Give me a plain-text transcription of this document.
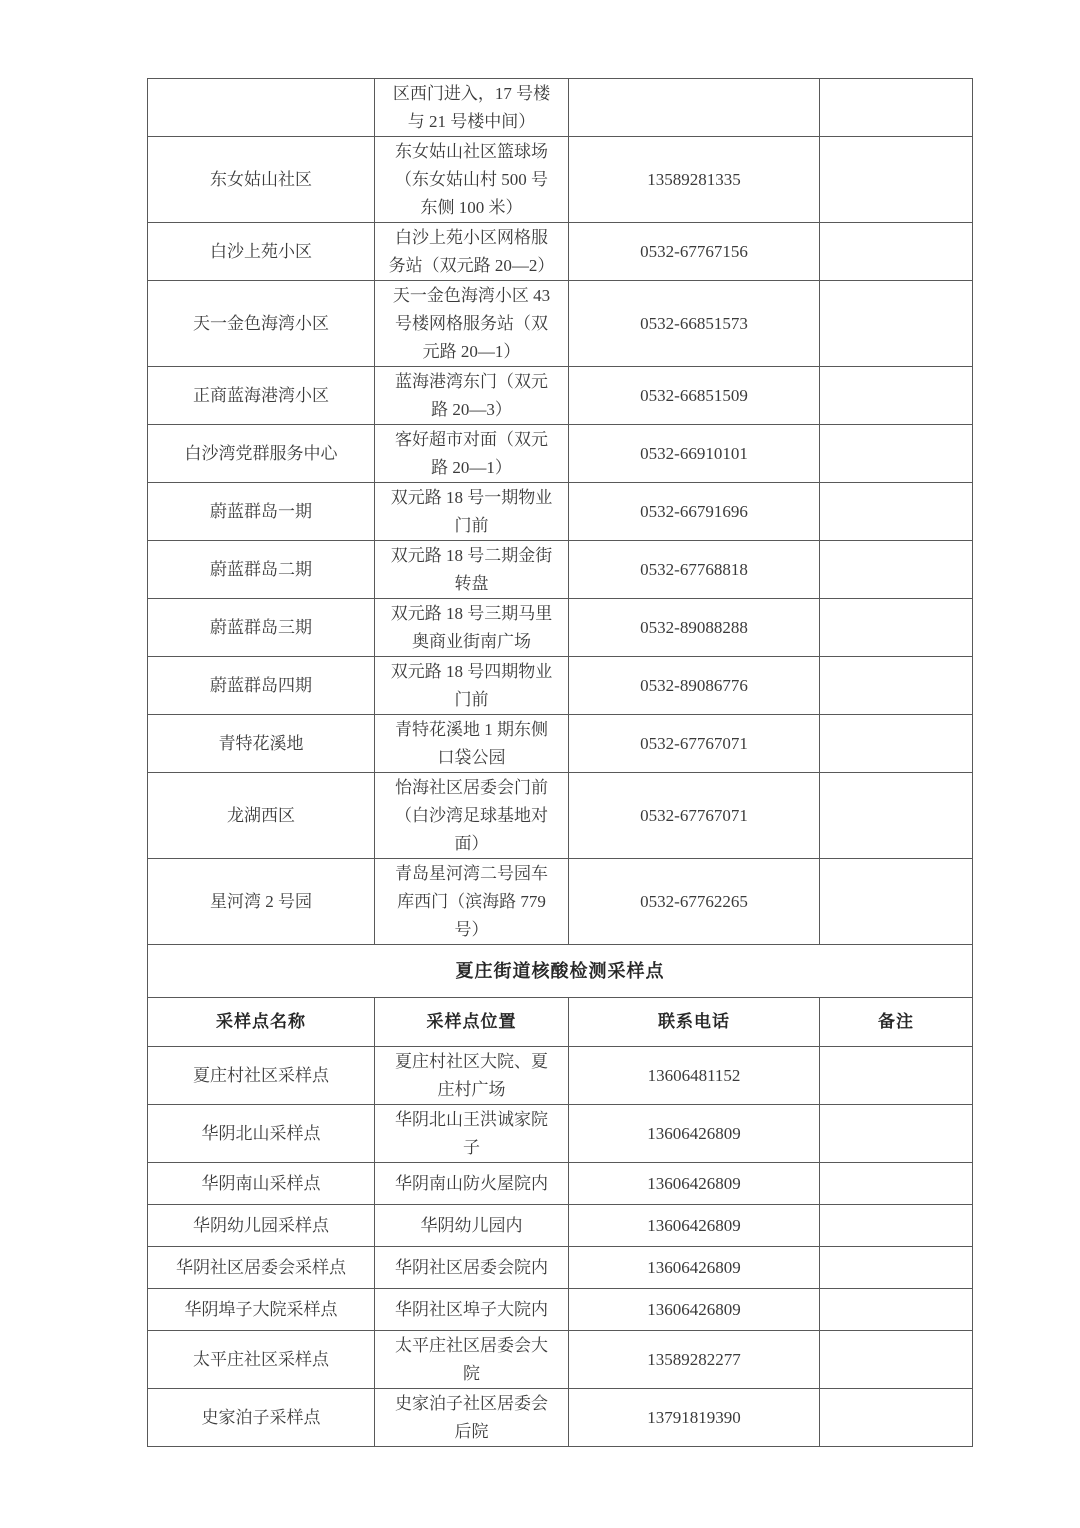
	区西门进入，17 号楼
与 21 号楼中间）		

东女姑山社区	东女姑山社区篮球场
（东女姑山村 500 号
东侧 100 米）	13589281335	
白沙上苑小区	白沙上苑小区网格服
务站（双元路 20—2）	0532-67767156	
天一金色海湾小区	天一金色海湾小区 43
号楼网格服务站（双
元路 20—1）	0532-66851573	
正商蓝海港湾小区	蓝海港湾东门（双元
路 20—3）	0532-66851509	
白沙湾党群服务中心	客好超市对面（双元
路 20—1）	0532-66910101	
蔚蓝群岛一期	双元路 18 号一期物业
门前	0532-66791696	
蔚蓝群岛二期	双元路 18 号二期金街
转盘	0532-67768818	
蔚蓝群岛三期	双元路 18 号三期马里
奥商业街南广场	0532-89088288	
蔚蓝群岛四期	双元路 18 号四期物业
门前	0532-89086776	
青特花溪地	青特花溪地 1 期东侧
口袋公园	0532-67767071	
龙湖西区	怡海社区居委会门前
（白沙湾足球基地对
面）	0532-67767071	
星河湾 2 号园	青岛星河湾二号园车
库西门（滨海路 779
号）	0532-67762265	
夏庄街道核酸检测采样点			
采样点名称	采样点位置	联系电话	备注
夏庄村社区采样点	夏庄村社区大院、夏
庄村广场	13606481152	
华阴北山采样点	华阴北山王洪诚家院
子	13606426809	
华阴南山采样点	华阴南山防火屋院内	13606426809	
华阴幼儿园采样点	华阴幼儿园内	13606426809	
华阴社区居委会采样点	华阴社区居委会院内	13606426809	
华阴埠子大院采样点	华阴社区埠子大院内	13606426809	
太平庄社区采样点	太平庄社区居委会大
院	13589282277	
史家泊子采样点	史家泊子社区居委会
后院	13791819390	
